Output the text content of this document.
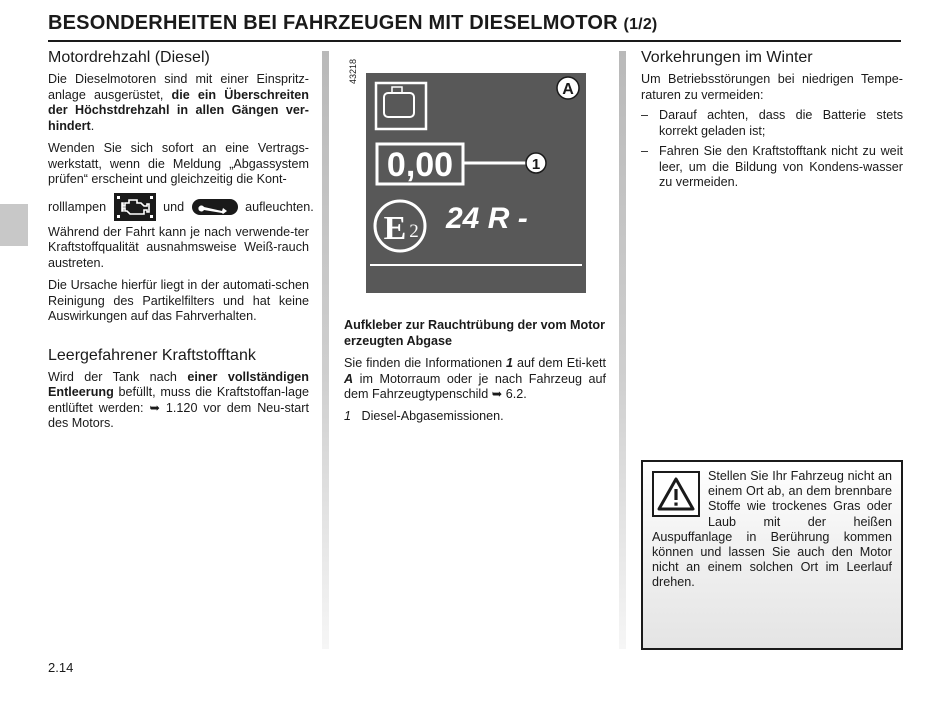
BESONDERHEITEN BEI FAHRZEUGEN MIT DIESELMOTOR (1/2)
Motordrehzahl (Diesel)

Die Dieselmotoren sind mit einer Einspritz-anlage ausgerüstet, die ein Überschreiten der Höchstdrehzahl in allen Gängen ver-hindert.

Wenden Sie sich sofort an eine Vertrags-werkstatt, wenn die Meldung „Abgassystem prüfen“ erscheint und gleichzeitig die Kont-

rolllampen	und	aufleuchten.

Während der Fahrt kann je nach verwende-ter Kraftstoffqualität ausnahmsweise Weiß-rauch austreten.

Die Ursache hierfür liegt in der automati-schen Reinigung des Partikelfilters und hat keine Auswirkungen auf das Fahrverhalten.

Leergefahrener Kraftstofftank

Wird der Tank nach einer vollständigen Entleerung befüllt, muss die Kraftstoffan-lage entlüftet werden: ➥ 1.120 vor dem Neu-start des Motors.

43218
A
0,00	1
E 2 24 R -

Aufkleber zur Rauchtrübung der vom Motor erzeugten Abgase

Sie finden die Informationen 1 auf dem Eti-kett A im Motorraum oder je nach Fahrzeug auf dem Fahrzeugtypenschild ➥ 6.2.

1 Diesel-Abgasemissionen.

Vorkehrungen im Winter

Um Betriebsstörungen bei niedrigen Tempe-raturen zu vermeiden:

– Darauf achten, dass die Batterie stets korrekt geladen ist;
– Fahren Sie den Kraftstofftank nicht zu weit leer, um die Bildung von Kondens-wasser zu vermeiden.

Stellen Sie Ihr Fahrzeug nicht an einem Ort ab, an dem brennbare Stoffe wie trockenes Gras oder Laub mit der heißen Auspuffanlage in Berührung kommen können und lassen Sie auch den Motor nicht an einem solchen Ort im Leerlauf drehen.

2.14
